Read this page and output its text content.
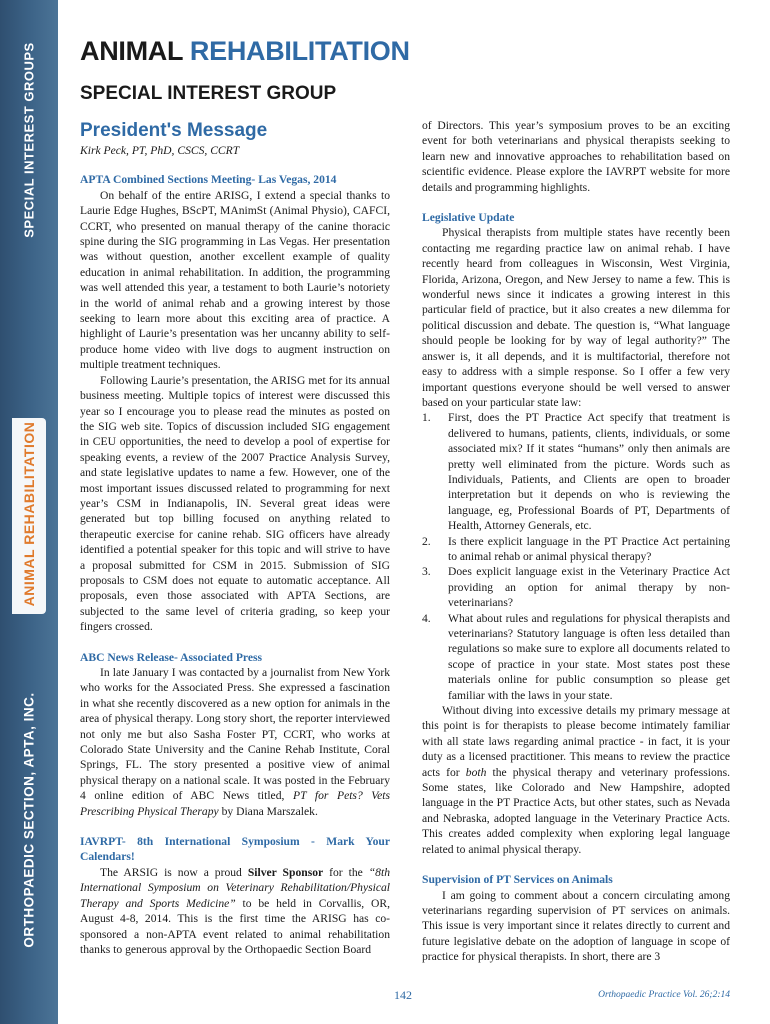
SPECIAL INTEREST GROUPS
ANIMAL REHABILITATION
ORTHOPAEDIC SECTION, APTA, INC.
ANIMAL REHABILITATION
SPECIAL INTEREST GROUP
President's Message
Kirk Peck, PT, PhD, CSCS, CCRT
APTA Combined Sections Meeting- Las Vegas, 2014
On behalf of the entire ARISG, I extend a special thanks to Laurie Edge Hughes, BScPT, MAnimSt (Animal Physio), CAFCI, CCRT, who presented on manual therapy of the canine thoracic spine during the SIG programming in Las Vegas. Her presentation was without question, another excellent example of quality education in animal rehabilitation. In addition, the programming was well attended this year, a testament to both Laurie’s notoriety in the world of animal rehab and a growing interest by those seeking to learn more about this exciting area of practice. A highlight of Laurie’s presentation was her uncanny ability to self-produce home video with live dogs to augment instruction on multiple treatment techniques.
Following Laurie’s presentation, the ARISG met for its annual business meeting. Multiple topics of interest were discussed this year so I encourage you to please read the minutes as posted on the SIG web site. Topics of discussion included SIG engagement in CEU opportunities, the need to develop a pool of expertise for speaking events, a review of the 2007 Practice Analysis Survey, and state legislative updates to name a few. However, one of the most important issues discussed related to programming for next year’s CSM in Indianapolis, IN. Several great ideas were generated but top billing focused on anything related to therapeutic exercise for canine rehab. SIG officers have already identified a potential speaker for this topic and will strive to have a proposal submitted for CSM in 2015. Submission of SIG proposals to CSM does not equate to automatic acceptance. All proposals, even those associated with APTA Sections, are subjected to the same level of criteria grading, so keep your fingers crossed.
ABC News Release- Associated Press
In late January I was contacted by a journalist from New York who works for the Associated Press. She expressed a fascination in what she recently discovered as a new option for animals in the area of physical therapy. Long story short, the reporter interviewed not only me but also Sasha Foster PT, CCRT, who works at Colorado State University and the Canine Rehab Institute, Coral Springs, FL. The story presented a positive view of animal physical therapy on a national scale. It was posted in the February 4 online edition of ABC News titled, PT for Pets? Vets Prescribing Physical Therapy by Diana Marszalek.
IAVRPT- 8th International Symposium - Mark Your Calendars!
The ARSIG is now a proud Silver Sponsor for the “8th International Symposium on Veterinary Rehabilitation/Physical Therapy and Sports Medicine” to be held in Corvallis, OR, August 4-8, 2014. This is the first time the ARISG has co-sponsored a non-APTA event related to animal rehabilitation thanks to generous approval by the Orthopaedic Section Board
of Directors. This year’s symposium proves to be an exciting event for both veterinarians and physical therapists seeking to learn new and innovative approaches to rehabilitation based on scientific evidence. Please explore the IAVRPT website for more details and programming highlights.
Legislative Update
Physical therapists from multiple states have recently been contacting me regarding practice law on animal rehab. I have recently heard from colleagues in Wisconsin, West Virginia, Florida, Arizona, Oregon, and New Jersey to name a few. This is wonderful news since it indicates a growing interest in this particular field of practice, but it also creates a new dilemma for political discussion and debate. The question is, “What language should people be looking for by way of legal authority?” The answer is, it all depends, and it is multifactorial, therefore not easy to address with a simple response. So I offer a few very important questions everyone should be well versed to answer based on your particular state law:
1. First, does the PT Practice Act specify that treatment is delivered to humans, patients, clients, individuals, or some associated mix? If it states “humans” only then animals are pretty well eliminated from the picture. Words such as Individuals, Patients, and Clients are open to broader interpretation but it depends on who is reviewing the language, eg, Professional Boards of PT, Departments of Health, Attorney Generals, etc.
2. Is there explicit language in the PT Practice Act pertaining to animal rehab or animal physical therapy?
3. Does explicit language exist in the Veterinary Practice Act providing an option for animal therapy by non-veterinarians?
4. What about rules and regulations for physical therapists and veterinarians? Statutory language is often less detailed than regulations so make sure to explore all documents related to scope of practice in your state. Most states post these materials online for public consumption so please get familiar with the laws in your state.
Without diving into excessive details my primary message at this point is for therapists to please become intimately familiar with all state laws regarding animal practice - in fact, it is your duty as a licensed practitioner. This means to review the practice acts for both the physical therapy and veterinary professions. Some states, like Colorado and New Hampshire, adopted language in the PT Practice Acts, but other states, such as Nevada and Nebraska, adopted language in the Veterinary Practice Acts. This creates added complexity when exploring legal language related to animal physical therapy.
Supervision of PT Services on Animals
I am going to comment about a concern circulating among veterinarians regarding supervision of PT services on animals. This issue is very important since it relates directly to current and future legislative debate on the adoption of language in scope of practice for physical therapists. In short, there are 3
142	Orthopaedic Practice Vol. 26;2:14
